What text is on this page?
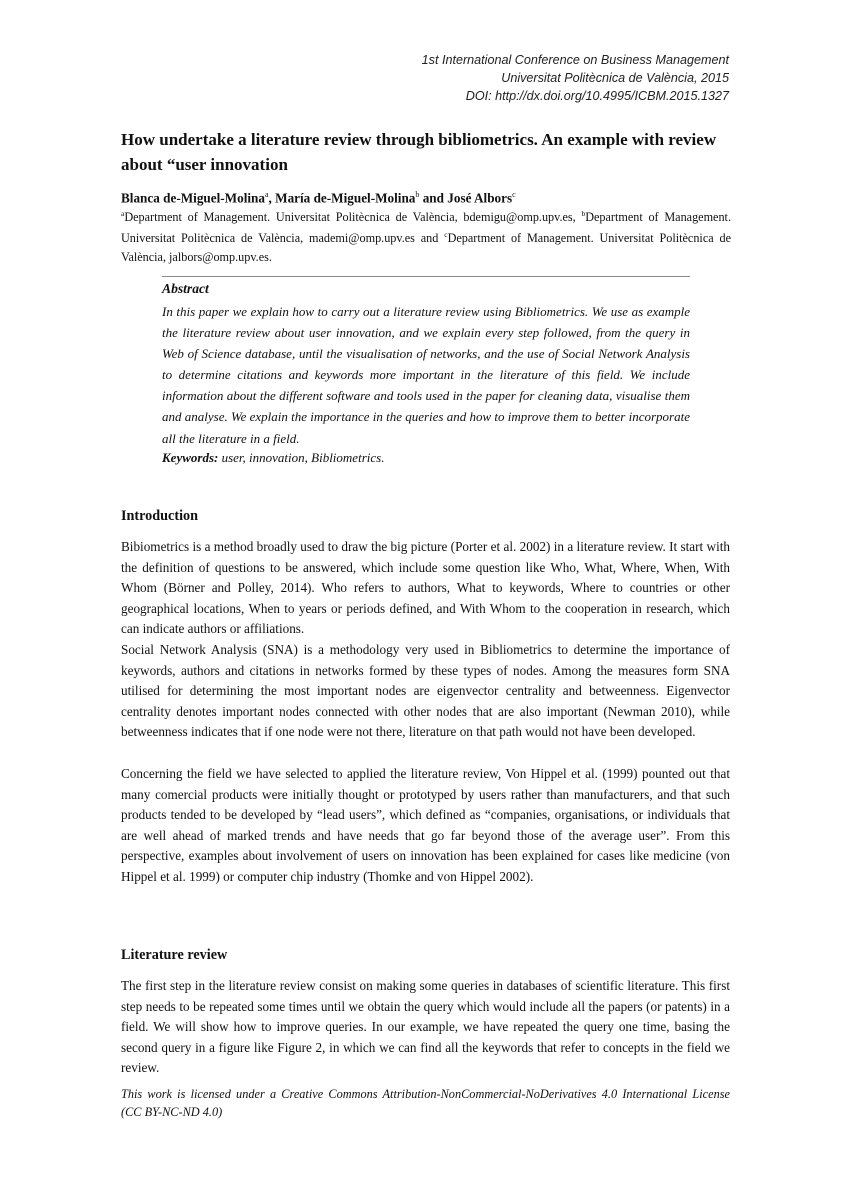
1st International Conference on Business Management
Universitat Politècnica de València, 2015
DOI: http://dx.doi.org/10.4995/ICBM.2015.1327
How undertake a literature review through bibliometrics. An example with review about “user innovation
Blanca de-Miguel-Molina$^a$, María de-Miguel-Molina$^b$ and José Albors$^c$
$^a$Department of Management. Universitat Politècnica de València, bdemigu@omp.upv.es, $^b$Department of Management. Universitat Politècnica de València, mademi@omp.upv.es and $^c$Department of Management. Universitat Politècnica de València, jalbors@omp.upv.es.
Abstract

In this paper we explain how to carry out a literature review using Bibliometrics. We use as example the literature review about user innovation, and we explain every step followed, from the query in Web of Science database, until the visualisation of networks, and the use of Social Network Analysis to determine citations and keywords more important in the literature of this field. We include information about the different software and tools used in the paper for cleaning data, visualise them and analyse. We explain the importance in the queries and how to improve them to better incorporate all the literature in a field.

Keywords: user, innovation, Bibliometrics.
Introduction

Bibiometrics is a method broadly used to draw the big picture (Porter et al. 2002) in a literature review. It start with the definition of questions to be answered, which include some question like Who, What, Where, When, With Whom (Börner and Polley, 2014). Who refers to authors, What to keywords, Where to countries or other geographical locations, When to years or periods defined, and With Whom to the cooperation in research, which can indicate authors or affiliations.

Social Network Analysis (SNA) is a methodology very used in Bibliometrics to determine the importance of keywords, authors and citations in networks formed by these types of nodes. Among the measures form SNA utilised for determining the most important nodes are eigenvector centrality and betweenness. Eigenvector centrality denotes important nodes connected with other nodes that are also important (Newman 2010), while betweenness indicates that if one node were not there, literature on that path would not have been developed.

Concerning the field we have selected to applied the literature review, Von Hippel et al. (1999) pounted out that many comercial products were initially thought or prototyped by users rather than manufacturers, and that such products tended to be developed by “lead users”, which defined as “companies, organisations, or individuals that are well ahead of marked trends and have needs that go far beyond those of the average user”. From this perspective, examples about involvement of users on innovation has been explained for cases like medicine (von Hippel et al. 1999) or computer chip industry (Thomke and von Hippel 2002).

Literature review

The first step in the literature review consist on making some queries in databases of scientific literature. This first step needs to be repeated some times until we obtain the query which would include all the papers (or patents) in a field. We will show how to improve queries. In our example, we have repeated the query one time, basing the second query in a figure like Figure 2, in which we can find all the keywords that refer to concepts in the field we review.

This work is licensed under a Creative Commons Attribution-NonCommercial-NoDerivatives 4.0 International License (CC BY-NC-ND 4.0)
